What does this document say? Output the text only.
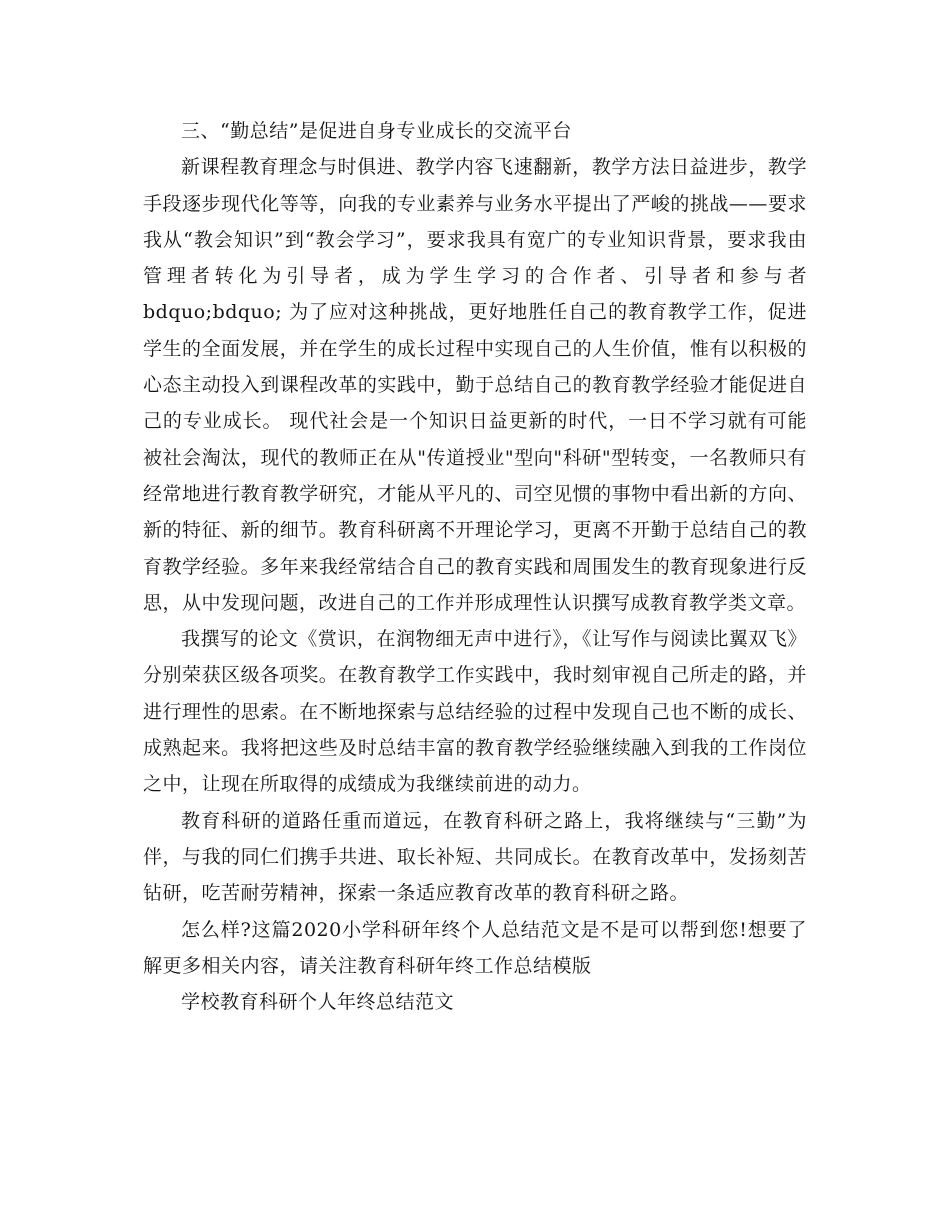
三、“勤总结”是促进自身专业成长的交流平台

新课程教育理念与时俱进、教学内容飞速翻新，教学方法日益进步，教学手段逐步现代化等等，向我的专业素养与业务水平提出了严峻的挑战——要求我从“教会知识”到“教会学习”，要求我具有宽广的专业知识背景，要求我由管理者转化为引导者，成为学生学习的合作者、引导者和参与者 bdquo;bdquo; 为了应对这种挑战，更好地胜任自己的教育教学工作，促进学生的全面发展，并在学生的成长过程中实现自己的人生价值，惟有以积极的心态主动投入到课程改革的实践中，勤于总结自己的教育教学经验才能促进自己的专业成长。 现代社会是一个知识日益更新的时代，一日不学习就有可能被社会淘汰，现代的教师正在从"传道授业"型向"科研"型转变，一名教师只有经常地进行教育教学研究，才能从平凡的、司空见惯的事物中看出新的方向、新的特征、新的细节。教育科研离不开理论学习，更离不开勤于总结自己的教育教学经验。多年来我经常结合自己的教育实践和周围发生的教育现象进行反思，从中发现问题，改进自己的工作并形成理性认识撰写成教育教学类文章。

我撰写的论文《赏识，在润物细无声中进行》，《让写作与阅读比翼双飞》分别荣获区级各项奖。在教育教学工作实践中，我时刻审视自己所走的路，并进行理性的思索。在不断地探索与总结经验的过程中发现自己也不断的成长、成熟起来。我将把这些及时总结丰富的教育教学经验继续融入到我的工作岗位之中，让现在所取得的成绩成为我继续前进的动力。

教育科研的道路任重而道远，在教育科研之路上，我将继续与“三勤”为伴，与我的同仁们携手共进、取长补短、共同成长。在教育改革中，发扬刻苦钻研，吃苦耐劳精神，探索一条适应教育改革的教育科研之路。

怎么样?这篇2020小学科研年终个人总结范文是不是可以帮到您!想要了解更多相关内容，请关注教育科研年终工作总结模版

学校教育科研个人年终总结范文
